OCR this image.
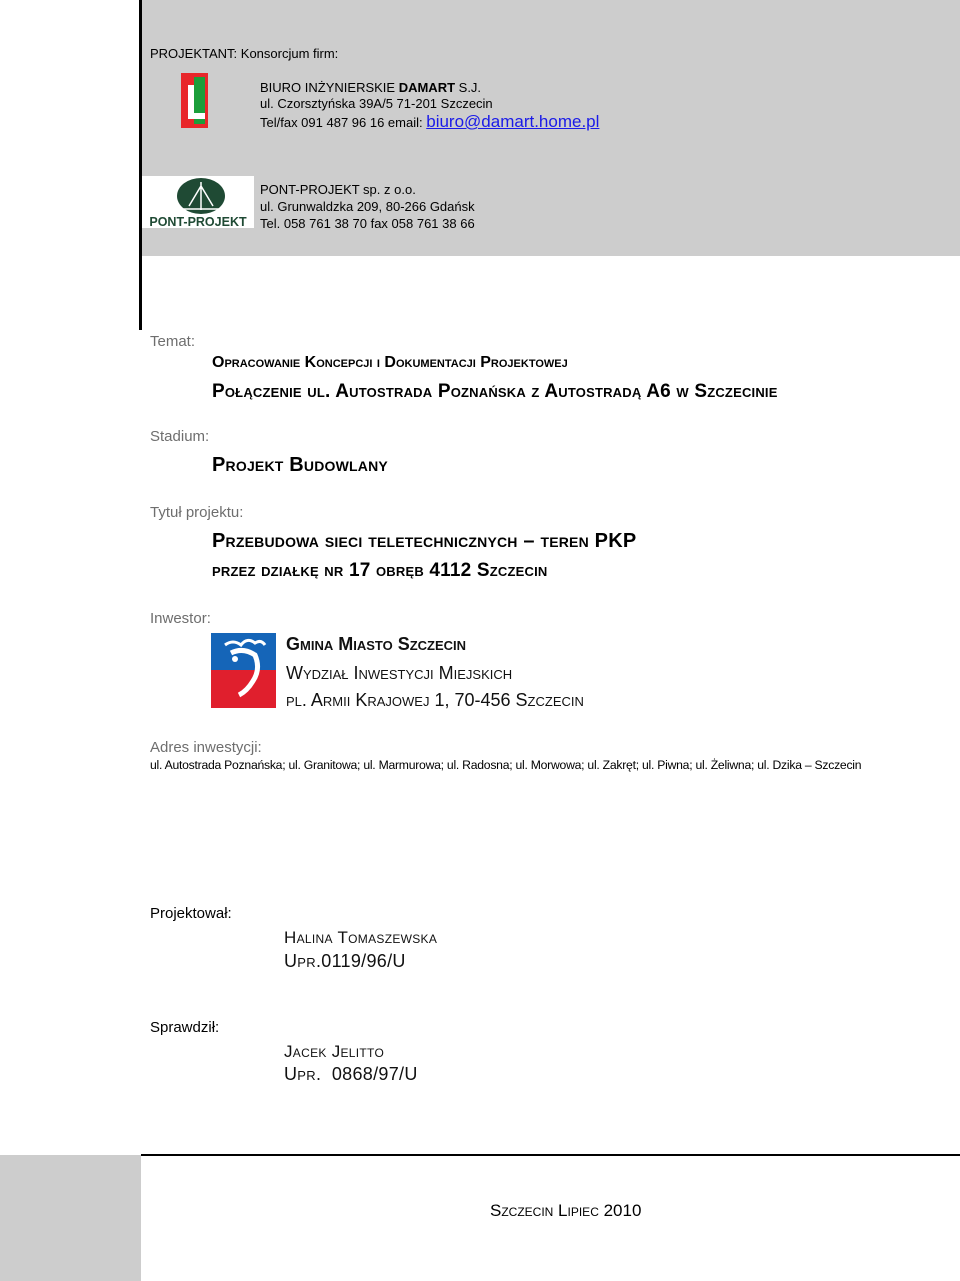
PROJEKTANT: Konsorcjum firm:
BIURO INŻYNIERSKIE DAMART S.J.
ul. Czorsztyńska 39A/5 71-201 Szczecin
Tel/fax 091 487 96 16 email: biuro@damart.home.pl
PONT-PROJEKT
PONT-PROJEKT sp. z o.o.
ul. Grunwaldzka 209, 80-266 Gdańsk
Tel. 058 761 38 70 fax 058 761 38 66
Temat:
Opracowanie Koncepcji i Dokumentacji Projektowej
Połączenie ul. Autostrada Poznańska z Autostradą A6 w Szczecinie
Stadium:
Projekt Budowlany
Tytuł projektu:
Przebudowa sieci teletechnicznych – teren PKP
przez działkę nr 17 obręb 4112 Szczecin
Inwestor:
Gmina Miasto Szczecin
Wydział Inwestycji Miejskich
pl. Armii Krajowej 1, 70-456 Szczecin
Adres inwestycji:
ul. Autostrada Poznańska; ul. Granitowa; ul. Marmurowa; ul. Radosna; ul. Morwowa; ul. Zakręt; ul. Piwna; ul. Żeliwna; ul. Dzika – Szczecin
Projektował:
Halina Tomaszewska
Upr.0119/96/U
Sprawdził:
Jacek Jelitto
Upr.  0868/97/U
Szczecin Lipiec 2010
